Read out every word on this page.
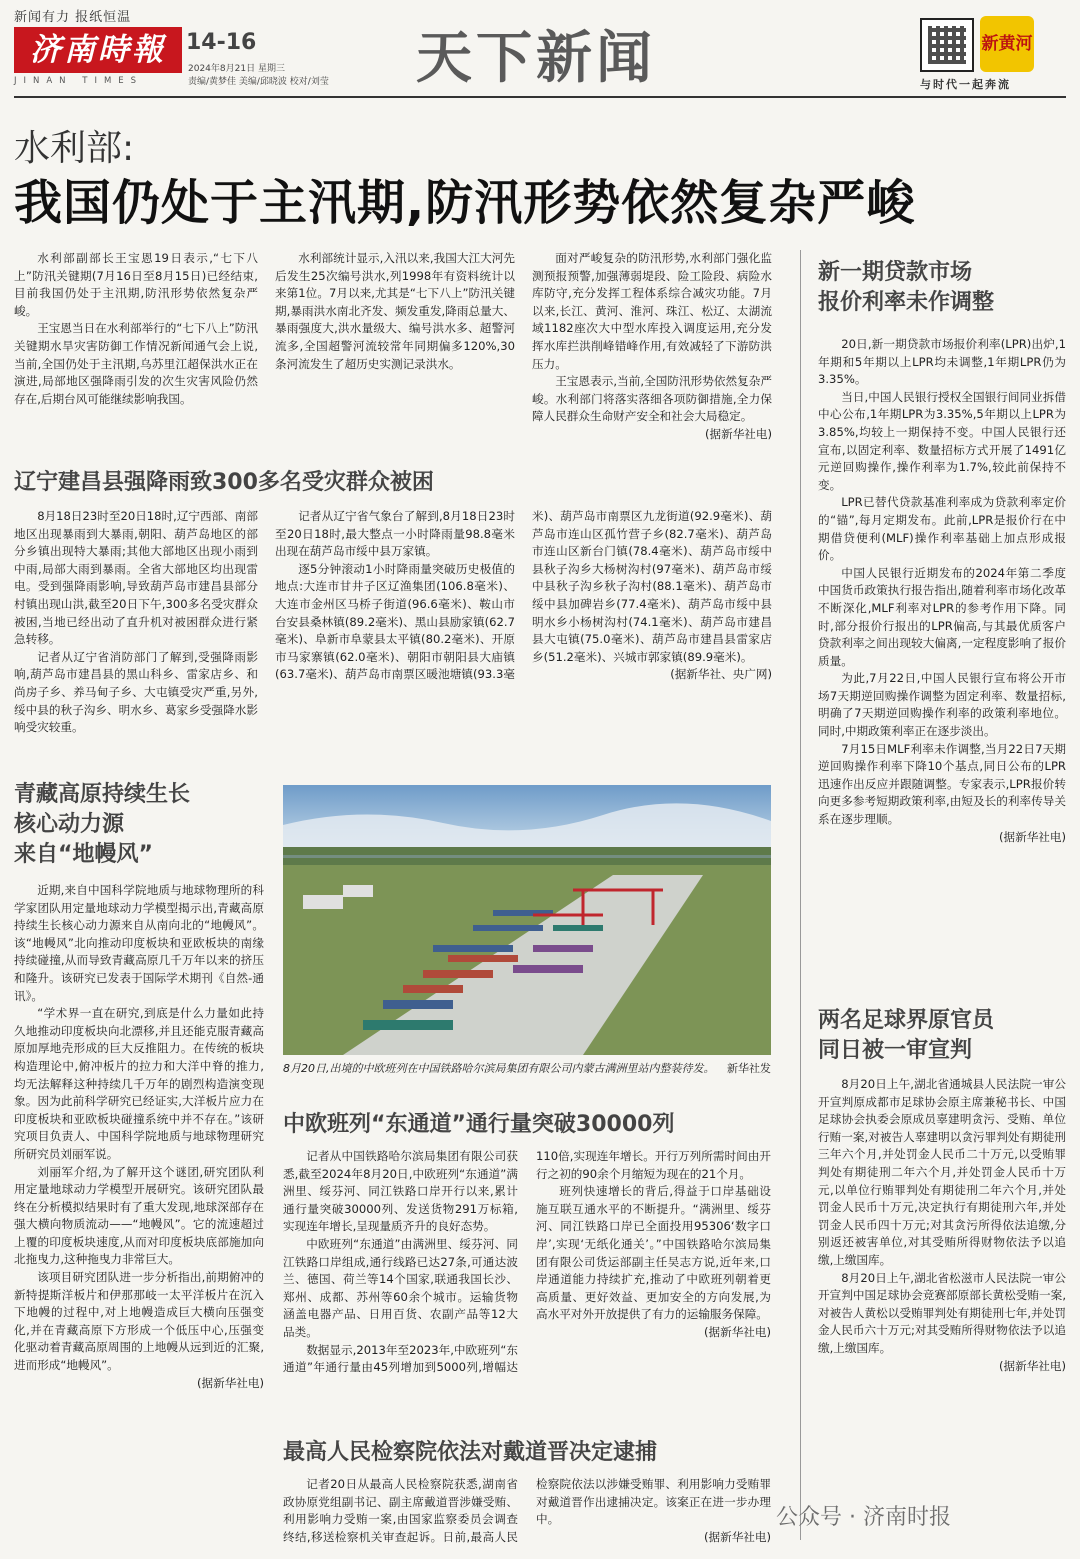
新闻有力 报纸恒温
济南時報
JINAN TIMES
14-16
2024年8月21日 星期三
责编/黄梦佳 美编/邱晓波 校对/刘莹 天下新闻	新黄河
与时代一起奔流
水利部:
我国仍处于主汛期,防汛形势依然复杂严峻

水利部副部长王宝恩19日表示,“七下八上”防汛关键期(7月16日至8月15日)已经结束,目前我国仍处于主汛期,防汛形势依然复杂严峻。

王宝恩当日在水利部举行的“七下八上”防汛关键期水旱灾害防御工作情况新闻通气会上说,当前,全国仍处于主汛期,乌苏里江超保洪水正在演进,局部地区强降雨引发的次生灾害风险仍然存在,后期台风可能继续影响我国。

水利部统计显示,入汛以来,我国大江大河先后发生25次编号洪水,列1998年有资料统计以来第1位。7月以来,尤其是“七下八上”防汛关键期,暴雨洪水南北齐发、频发重发,降雨总量大、暴雨强度大,洪水量级大、编号洪水多、超警河流多,全国超警河流较常年同期偏多120%,30条河流发生了超历史实测记录洪水。

面对严峻复杂的防汛形势,水利部门强化监测预报预警,加强薄弱堤段、险工险段、病险水库防守,充分发挥工程体系综合减灾功能。7月以来,长江、黄河、淮河、珠江、松辽、太湖流域1182座次大中型水库投入调度运用,充分发挥水库拦洪削峰错峰作用,有效减轻了下游防洪压力。

王宝恩表示,当前,全国防汛形势依然复杂严峻。水利部门将落实落细各项防御措施,全力保障人民群众生命财产安全和社会大局稳定。

(据新华社电)

新一期贷款市场
报价利率未作调整

20日,新一期贷款市场报价利率(LPR)出炉,1年期和5年期以上LPR均未调整,1年期LPR仍为3.35%。

当日,中国人民银行授权全国银行间同业拆借中心公布,1年期LPR为3.35%,5年期以上LPR为3.85%,均较上一期保持不变。中国人民银行还宣布,以固定利率、数量招标方式开展了1491亿元逆回购操作,操作利率为1.7%,较此前保持不变。

LPR已替代贷款基准利率成为贷款利率定价的“锚”,每月定期发布。此前,LPR是报价行在中期借贷便利(MLF)操作利率基础上加点形成报价。

中国人民银行近期发布的2024年第二季度中国货币政策执行报告指出,随着利率市场化改革不断深化,MLF利率对LPR的参考作用下降。同时,部分报价行报出的LPR偏高,与其最优质客户贷款利率之间出现较大偏离,一定程度影响了报价质量。

为此,7月22日,中国人民银行宣布将公开市场7天期逆回购操作调整为固定利率、数量招标,明确了7天期逆回购操作利率的政策利率地位。同时,中期政策利率正在逐步淡出。

7月15日MLF利率未作调整,当月22日7天期逆回购操作利率下降10个基点,同日公布的LPR迅速作出反应并跟随调整。专家表示,LPR报价转向更多参考短期政策利率,由短及长的利率传导关系在逐步理顺。

(据新华社电)

两名足球界原官员
同日被一审宣判

8月20日上午,湖北省通城县人民法院一审公开宣判原成都市足球协会原主席兼秘书长、中国足球协会执委会原成员辜建明贪污、受贿、单位行贿一案,对被告人辜建明以贪污罪判处有期徒刑三年六个月,并处罚金人民币二十万元,以受贿罪判处有期徒刑二年六个月,并处罚金人民币十万元,以单位行贿罪判处有期徒刑二年六个月,并处罚金人民币十万元,决定执行有期徒刑六年,并处罚金人民币四十万元;对其贪污所得依法追缴,分别返还被害单位,对其受贿所得财物依法予以追缴,上缴国库。

8月20日上午,湖北省松滋市人民法院一审公开宣判中国足球协会竞赛部原部长黄松受贿一案,对被告人黄松以受贿罪判处有期徒刑七年,并处罚金人民币六十万元;对其受贿所得财物依法予以追缴,上缴国库。

(据新华社电)

辽宁建昌县强降雨致300多名受灾群众被困

8月18日23时至20日18时,辽宁西部、南部地区出现暴雨到大暴雨,朝阳、葫芦岛地区的部分乡镇出现特大暴雨;其他大部地区出现小雨到中雨,局部大雨到暴雨。全省大部地区均出现雷电。受到强降雨影响,导致葫芦岛市建昌县部分村镇出现山洪,截至20日下午,300多名受灾群众被困,当地已经出动了直升机对被困群众进行紧急转移。

记者从辽宁省消防部门了解到,受强降雨影响,葫芦岛市建昌县的黑山科乡、雷家店乡、和尚房子乡、养马甸子乡、大屯镇受灾严重,另外,绥中县的秋子沟乡、明水乡、葛家乡受强降水影响受灾较重。

记者从辽宁省气象台了解到,8月18日23时至20日18时,最大整点一小时降雨量98.8毫米出现在葫芦岛市绥中县万家镇。

逐5分钟滚动1小时降雨量突破历史极值的地点:大连市甘井子区辽渔集团(106.8毫米)、大连市金州区马桥子街道(96.6毫米)、鞍山市台安县桑林镇(89.2毫米)、黑山县励家镇(62.7毫米)、阜新市阜蒙县太平镇(80.2毫米)、开原市马家寨镇(62.0毫米)、朝阳市朝阳县大庙镇(63.7毫米)、葫芦岛市南票区暖池塘镇(93.3毫米)、葫芦岛市南票区九龙街道(92.9毫米)、葫芦岛市连山区孤竹营子乡(82.7毫米)、葫芦岛市连山区新台门镇(78.4毫米)、葫芦岛市绥中县秋子沟乡大杨树沟村(97毫米)、葫芦岛市绥中县秋子沟乡秋子沟村(88.1毫米)、葫芦岛市绥中县加碑岩乡(77.4毫米)、葫芦岛市绥中县明水乡小杨树沟村(74.1毫米)、葫芦岛市建昌县大屯镇(75.0毫米)、葫芦岛市建昌县雷家店乡(51.2毫米)、兴城市郭家镇(89.9毫米)。

(据新华社、央广网)

青藏高原持续生长
核心动力源
来自“地幔风”

近期,来自中国科学院地质与地球物理所的科学家团队用定量地球动力学模型揭示出,青藏高原持续生长核心动力源来自从南向北的“地幔风”。该“地幔风”北向推动印度板块和亚欧板块的南缘持续碰撞,从而导致青藏高原几千万年以来的挤压和隆升。该研究已发表于国际学术期刊《自然-通讯》。

“学术界一直在研究,到底是什么力量如此持久地推动印度板块向北漂移,并且还能克服青藏高原加厚地壳形成的巨大反推阻力。在传统的板块构造理论中,俯冲板片的拉力和大洋中脊的推力,均无法解释这种持续几千万年的剧烈构造演变现象。因为此前科学研究已经证实,大洋板片应力在印度板块和亚欧板块碰撞系统中并不存在。”该研究项目负责人、中国科学院地质与地球物理研究所研究员刘丽军说。

刘丽军介绍,为了解开这个谜团,研究团队利用定量地球动力学模型开展研究。该研究团队最终在分析模拟结果时有了重大发现,地球深部存在强大横向物质流动——“地幔风”。它的流速超过上覆的印度板块速度,从而对印度板块底部施加向北拖曳力,这种拖曳力非常巨大。

该项目研究团队进一步分析指出,前期俯冲的新特提斯洋板片和伊那那岐一太平洋板片在沉入下地幔的过程中,对上地幔造成巨大横向压强变化,并在青藏高原下方形成一个低压中心,压强变化驱动着青藏高原周围的上地幔从远到近的汇聚,进而形成“地幔风”。

(据新华社电)

8月20日,出境的中欧班列在中国铁路哈尔滨局集团有限公司内蒙古满洲里站内整装待发。 新华社发
中欧班列“东通道”通行量突破30000列

记者从中国铁路哈尔滨局集团有限公司获悉,截至2024年8月20日,中欧班列“东通道”满洲里、绥芬河、同江铁路口岸开行以来,累计通行量突破30000列、发送货物291万标箱,实现连年增长,呈现量质齐升的良好态势。

中欧班列“东通道”由满洲里、绥芬河、同江铁路口岸组成,通行线路已达27条,可通达波兰、德国、荷兰等14个国家,联通我国长沙、郑州、成都、苏州等60余个城市。运输货物涵盖电器产品、日用百货、农副产品等12大品类。

数据显示,2013年至2023年,中欧班列“东通道”年通行量由45列增加到5000列,增幅达110倍,实现连年增长。开行万列所需时间由开行之初的90余个月缩短为现在的21个月。

班列快速增长的背后,得益于口岸基础设施互联互通水平的不断提升。“满洲里、绥芬河、同江铁路口岸已全面投用95306‘数字口岸’,实现‘无纸化通关’。”中国铁路哈尔滨局集团有限公司货运部副主任吴志方说,近年来,口岸通道能力持续扩充,推动了中欧班列朝着更高质量、更好效益、更加安全的方向发展,为高水平对外开放提供了有力的运输服务保障。

(据新华社电)

最高人民检察院依法对戴道晋决定逮捕

记者20日从最高人民检察院获悉,湖南省政协原党组副书记、副主席戴道晋涉嫌受贿、利用影响力受贿一案,由国家监察委员会调查终结,移送检察机关审查起诉。日前,最高人民检察院依法以涉嫌受贿罪、利用影响力受贿罪对戴道晋作出逮捕决定。该案正在进一步办理中。

(据新华社电)

公众号 · 济南时报
